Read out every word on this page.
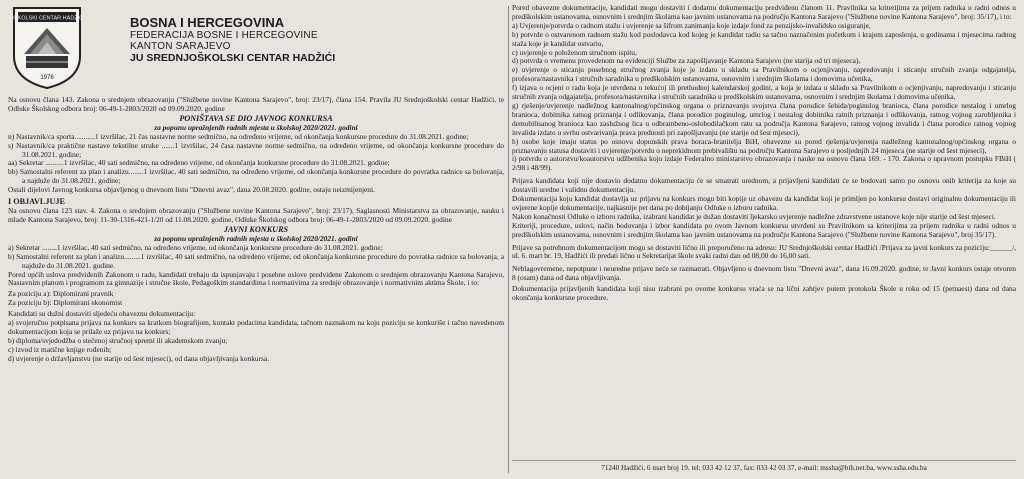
ĐOKOLSKI CENTAR HADŽIĆI
1976
BOSNA I HERCEGOVINA
FEDERACIJA BOSNE I HERCEGOVINE
KANTON SARAJEVO
JU SREDNJOŠKOLSKI CENTAR HADŽIĆI

Na osnovu člana 143. Zakona o srednjem obrazovanju ("Službene novine Kantona Sarajevo", broj: 23/17), člana 154. Pravila JU Srednjoškolski centar Hadžići, te Odluke Školskog odbora broj: 06-49-1-2803/2020 od 09.09.2020. godine

PONIŠTAVA SE DIO JAVNOG KONKURSA

za popunu upražnjenih radnih mjesta u školskoj 2020/2021. godini

n) Nastavnik/ca sporta...........1 izvršilac, 21 čas nastavne norme sedmično, na određeno vrijeme, od okončanja konkursne procedure do 31.08.2021. godine;

s) Nastavnik/ca praktične nastave tekstilne struke .......1 izvršilac, 24 časa nastavne norme sedmično, na određeno vrijeme, od okončanja konkursne procedure do 31.08.2021. godine;

aa) Sekretar ..........1 izvršilac, 40 sati sedmično, na određeno vrijeme, od okončanja konkursne procedure do 31.08.2021. godine;

bb) Samostalni referent za plan i analizu........1 izvršilac, 40 sati sedmično, na određeno vrijeme, od okončanja konkursne procedure do povratka radnice sa bolovanja, a najduže do 31.08.2021. godine;

Ostali dijelovi Javnog konkursa objavljenog u dnevnom listu "Dnevni avaz", dana 20.08.2020. godine, ostaju neizmijenjeni.

I OBJAVLJUJE

Na osnovu člana 123 stav. 4. Zakona o srednjem obrazovanju ("Službene novine Kantona Sarajevo", broj: 23/17), Saglasnosti Ministarstva za obrazovanje, nauku i mlade Kantona Sarajevo, broj: 11-30-1316-421-1/20 od 11.08.2020. godine, Odluke Školskog odbora broj: 06-49-1-2803/2020 od 09.09.2020. godine

JAVNI KONKURS

za popunu upražnjenih radnih mjesta u školskoj 2020/2021. godini

a) Sekretar ........1 izvršilac, 40 sati sedmično, na određeno vrijeme, od okončanja konkursne procedure do 31.08.2021. godine;

b) Samostalni referent za plan i analizu.........1 izvršilac, 40 sati sedmično, na određeno vrijeme, od okončanja konkursne procedure do povratka radnice sa bolovanja, a najduže do 31.08.2021. godine.

Pored općih uslova predviđenih Zakonom o radu, kandidati trebaju da ispunjavaju i posebne uslove predviđene Zakonom o srednjem obrazovanju Kantona Sarajevo, Nastavnim planom i programom za gimnazije i stručne škole, Pedagoškim standardima i normativima za srednje obrazovanje i normativnim aktima Škole, i to:

Za poziciju a): Diplomirani pravnik

Za poziciju b): Diplomirani ekonomist

Kandidati su dužni dostaviti sljedeću obaveznu dokumentaciju:

a) svojeručno potpisana prijava na konkurs sa kratkom biografijom, kontakt podacima kandidata, tačnom naznakom na koju poziciju se konkuriše i tačno navedenom dokumentacijom koja se prilaže uz prijavu na konkurs;

b) diploma/svjedodžba o stečenoj stručnoj spremi ili akademskom zvanju;

c) izvod iz matične knjige rođenih;

d) uvjerenje o državljanstvu (ne starije od šest mjeseci), od dana objavljivanja konkursa.

Pored obavezne dokumentacije, kandidati mogu dostaviti i dodatnu dokumentaciju predviđenu članom 11. Pravilnika sa kriterijima za prijem radnika u radni odnos u predškolskim ustanovama, osnovnim i srednjim školama kao javnim ustanovama na području Kantona Sarajevo ("Službene novine Kantona Sarajevo", broj: 35/17), i to:

a) Uvjerenje/potvrda o radnom stažu i uvjerenje sa šifrom zanimanja koje izdaje fond za penzijsko-invalidsko osiguranje,

b) potvrde o ostvarenom radnom stažu kod poslodavca kod kojeg je kandidat radio sa tačno naznačenim početkom i krajem zaposlenja, u godinama i mjesecima radnog staža koje je kandidat ostvario,

c) uvjerenje o položenom stručnom ispitu,

d) potvrda o vremenu provedenom na evidenciji Službe za zapošljavanje Kantona Sarajevo (ne starija od tri mjeseca),

e) uvjerenje o sticanju posebnog stručnog zvanja koje je izdato u skladu sa Pravilnikom o ocjenjivanju, napredovanju i sticanju stručnih zvanja odgajatelja, profesora/nastavnika i stručnih saradnika u predškolskim ustanovama, osnovnim i srednjim školama i domovima učenika,

f) izjava o ocjeni o radu koja je utvrđena u tekućoj ili prethodnoj kalendarskoj godini, a koja je izdata u skladu sa Pravilnikom o ocjenjivanju, napredovanju i sticanju stručnih zvanja odgajatelja, profesora/nastavnika i stručnih saradnika u predškolskim ustanovama, osnovnim i srednjim školama i domovima učenika,

g) rješenje/uvjerenje nadležnog kantonalnog/općinskog organa o priznavanju svojstva člana porodice šehida/poginulog branioca, člana porodice nestalog i umrlog branioca, dobitnika ratnog priznanja i odlikovanja, člana porodice poginulog, umrlog i nestalog dobitnika ratnih priznanja i odlikovanja, ratnog vojnog zarobljenika i demobilisanog branioca kao zaslužnog lica u odbrambeno-oslobodilačkom ratu sa područja Kantona Sarajevo, ratnog vojnog invalida i člana porodice ratnog vojnog invalida izdato u svrhu ostvarivanja prava prednosti pri zapošljavanju (ne starije od šest mjeseci),

h) osobe koje imaju status po osnovu dopunskih prava boraca-branitelja BiH, obavezne su pored rješenja/uvjerenja nadležnog kantonalnog/općinskog organa o priznavanju statusa dostaviti i uvjerenje/potvrdu o neprekidnom prebivalištu na području Kantona Sarajevo u posljednjih 24 mjeseca (ne starije od šest mjeseci),

i) potvrdu o autorstvu/koautorstvu udžbenika koju izdaje Federalno ministarstvo obrazovanja i nauke na osnovu člana 169. - 170. Zakona o upravnom postupku FBiH ( 2/98 i 48/99).

Prijava kandidata koji nije dostavio dodatnu dokumentaciju će se smatrati urednom, a prijavljeni kandidati će se bodovati samo po osnovu onih kriterija za koje su dostavili uredne i validnu dokumentaciju.

Dokumentacija koju kandidat dostavlja uz prijavu na konkurs mogu biti kopije uz obavezu da kandidat koji je primljen po konkursu dostavi originalnu dokumentaciju ili ovjerene kopije dokumentacije, najkasnije pet dana po dobijanju Odluke o izboru radnika.

Nakon konačnosti Odluke o izboru radnika, izabrani kandidat je dužan dostaviti ljekarsko uvjerenje nadležne zdravstvene ustanove koje nije starije od šest mjeseci.

Kriteriji, procedure, uslovi, način bodovanja i izbor kandidata po ovom Javnom konkursu utvrđeni su Pravilnikom sa kriterijima za prijem radnika u radni odnos u predškolskim ustanovama, osnovnim i srednjim školama kao javnim ustanovama na području Kantona Sarajevo ("Službene novine Kantona Sarajevo", broj 35/17).

Prijave sa potrebnom dokumentacijom mogu se dostaviti lično ili preporučeno na adresu: JU Srednjoškolski centar Hadžići /Prijava za javni konkurs za poziciju:______/, ul. 6. mart br. 19, Hadžići ili predati lično u Sekretarijat škole svaki radni dan od 08,00 do 16,00 sati.

Neblagovremene, nepotpune i neuredne prijave neće se razmatrati. Objavljeno u dnevnom listu "Dnevni avaz", dana 16.09.2020. godine, te Javni konkurs ostaje otvoren 8 (osam) dana od dana objavljivanja.

Dokumentacija prijavljenih kandidata koji nisu izabrani po ovome konkursu vraća se na lični zahtjev putem protokola Škole u roku od 15 (petnaest) dana od dana okončanja konkursne procedure.

71240 Hadžići, 6 mart broj 19. tel: 033 42 12 37, fax: 033 42 03 37, e-mail: mssha@bih.net.ba, www.ssha.edu.ba
